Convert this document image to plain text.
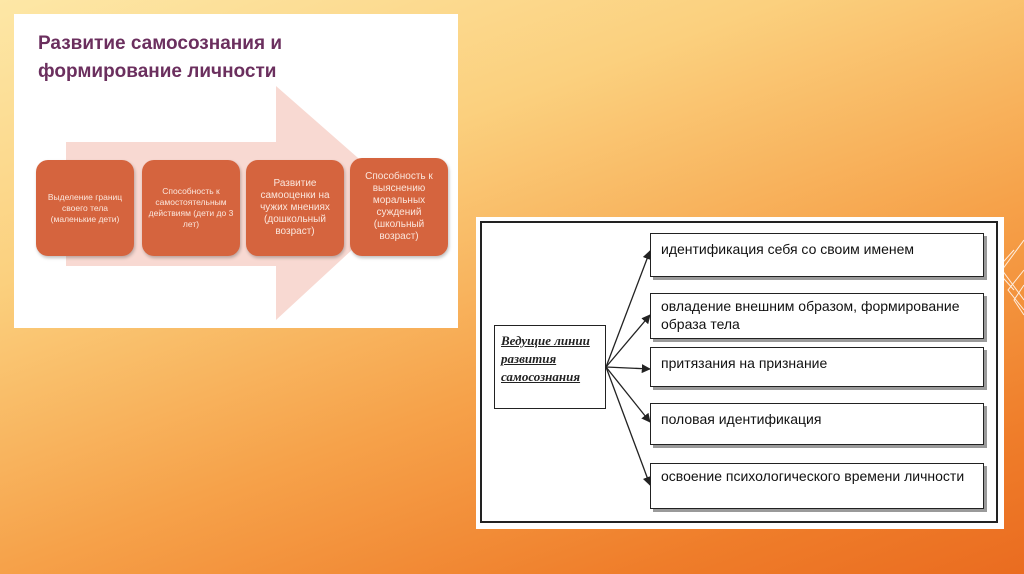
Развитие самосознания и формирование личности
Выделение границ своего тела (маленькие дети)
Способность к самостоятельным действиям (дети до 3 лет)
Развитие самооценки на чужих мнениях (дошкольный возраст)
Способность к выяснению моральных суждений (школьный возраст)
Ведущие линии развития самосознания
идентификация себя со своим именем
овладение внешним образом, формирование образа тела
притязания на признание
половая идентификация
освоение психологического времени личности
